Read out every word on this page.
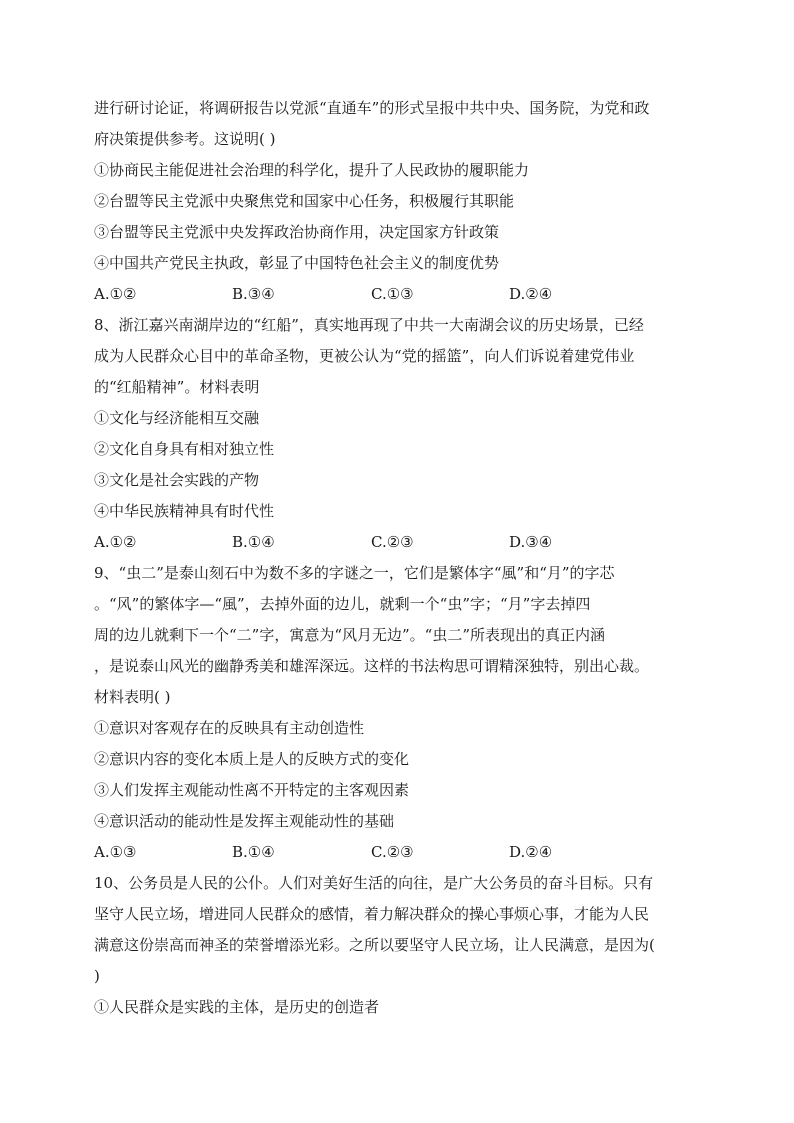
进行研讨论证，将调研报告以党派“直通车”的形式呈报中共中央、国务院，为党和政
府决策提供参考。这说明( )
①协商民主能促进社会治理的科学化，提升了人民政协的履职能力
②台盟等民主党派中央聚焦党和国家中心任务，积极履行其职能
③台盟等民主党派中央发挥政治协商作用，决定国家方针政策
④中国共产党民主执政，彰显了中国特色社会主义的制度优势
A.①②	B.③④	C.①③	D.②④
8、浙江嘉兴南湖岸边的“红船”，真实地再现了中共一大南湖会议的历史场景，已经
成为人民群众心目中的革命圣物，更被公认为“党的摇篮”，向人们诉说着建党伟业
的“红船精神”。材料表明
①文化与经济能相互交融
②文化自身具有相对独立性
③文化是社会实践的产物
④中华民族精神具有时代性
A.①②	B.①④	C.②③	D.③④
9、“虫二”是泰山刻石中为数不多的字谜之一，它们是繁体字“風”和“月”的字芯
。“风”的繁体字—“風”，去掉外面的边儿，就剩一个“虫”字；“月”字去掉四
周的边儿就剩下一个“二”字，寓意为“风月无边”。“虫二”所表现出的真正内涵
，是说泰山风光的幽静秀美和雄浑深远。这样的书法构思可谓精深独特，别出心裁。
材料表明( )
①意识对客观存在的反映具有主动创造性
②意识内容的变化本质上是人的反映方式的变化
③人们发挥主观能动性离不开特定的主客观因素
④意识活动的能动性是发挥主观能动性的基础
A.①③	B.①④	C.②③	D.②④
10、公务员是人民的公仆。人们对美好生活的向往，是广大公务员的奋斗目标。只有
坚守人民立场，增进同人民群众的感情，着力解决群众的操心事烦心事，才能为人民
满意这份崇高而神圣的荣誉增添光彩。之所以要坚守人民立场，让人民满意，是因为(
)
①人民群众是实践的主体，是历史的创造者
